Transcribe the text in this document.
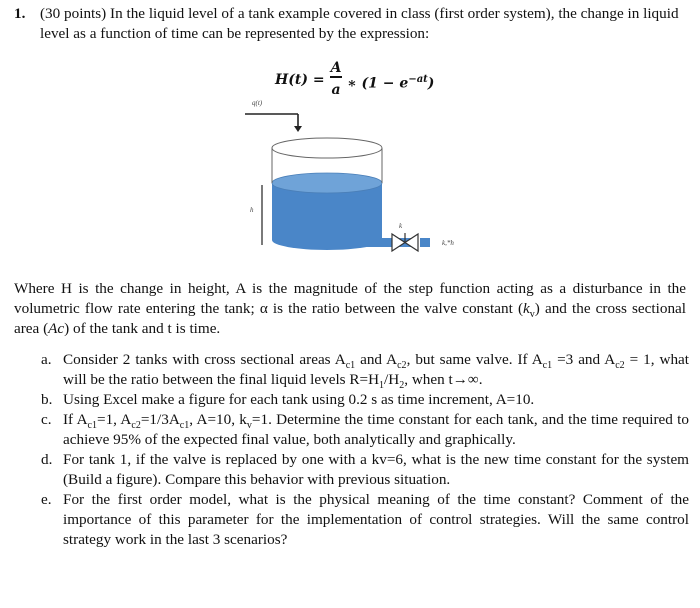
1. (30 points) In the liquid level of a tank example covered in class (first order system), the change in liquid level as a function of time can be represented by the expression:
H(t) =
A
a ∗ $(1 - e^{-at})$
q(t)
h
k
k,*h
Where H is the change in height, A is the magnitude of the step function acting as a disturbance in the volumetric flow rate entering the tank; α is the ratio between the valve constant $(k_v)$ and the cross sectional area (Ac) of the tank and t is time.
a. Consider 2 tanks with cross sectional areas $A_{c1}$ and $A_{c2}$, but same valve. If $A_{c1} =3$ and $A_{c2} = 1$, what will be the ratio between the final liquid levels $R=H_1/H_2$, when t→∞.
b. Using Excel make a figure for each tank using 0.2 s as time increment, A=10.
c. If $A_{c1}=1$, $A_{c2}=1/3A_{c1}$, A=10, $k_v=1$. Determine the time constant for each tank, and the time required to achieve 95% of the expected final value, both analytically and graphically.
d. For tank 1, if the valve is replaced by one with a kv=6, what is the new time constant for the system (Build a figure). Compare this behavior with previous situation.
e. For the first order model, what is the physical meaning of the time constant? Comment of the importance of this parameter for the implementation of control strategies. Will the same control strategy work in the last 3 scenarios?
